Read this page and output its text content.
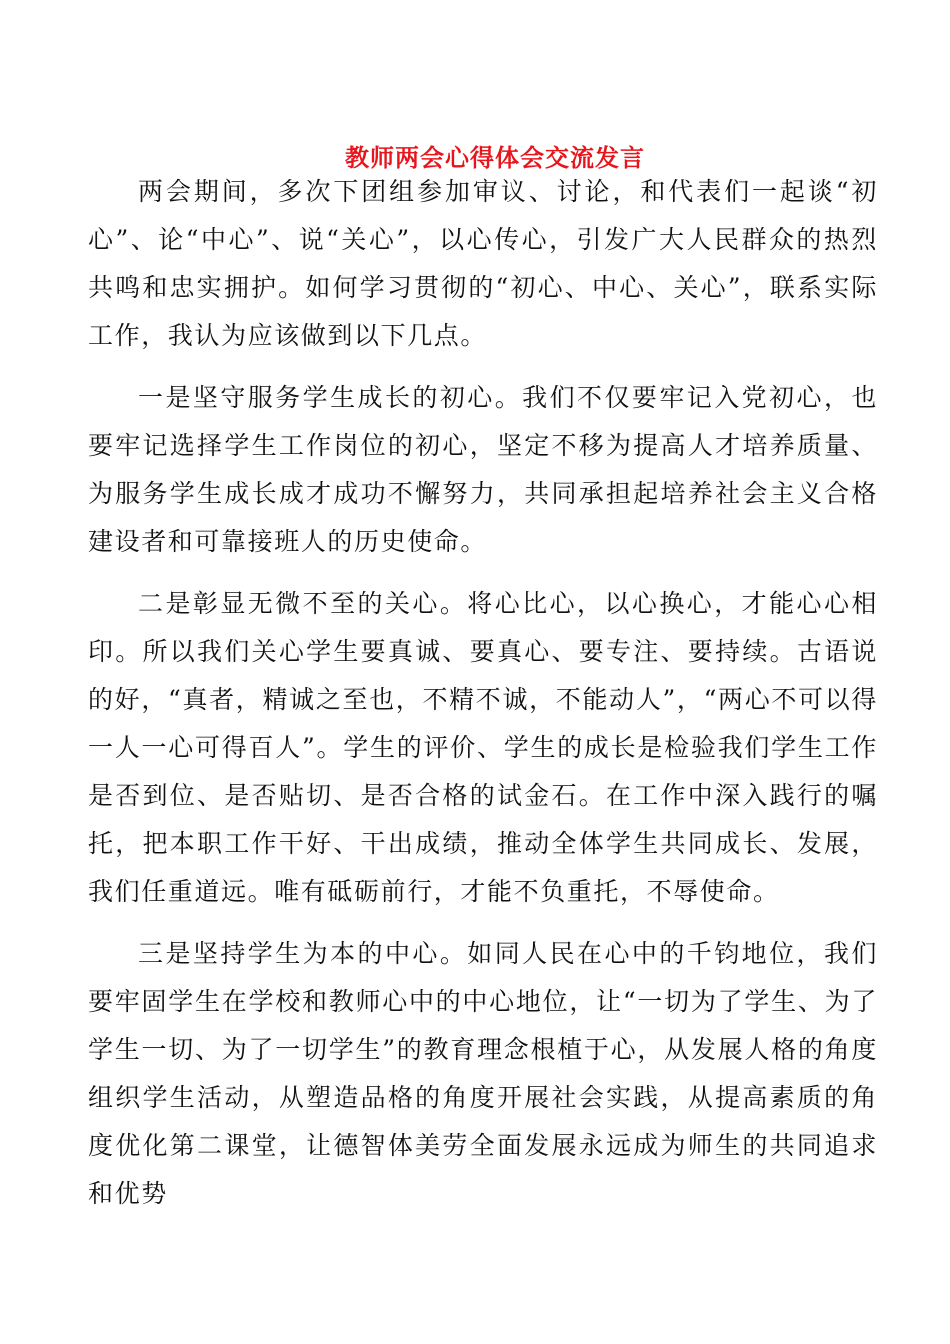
教师两会心得体会交流发言

两会期间，多次下团组参加审议、讨论，和代表们一起谈“初心”、论“中心”、说“关心”，以心传心，引发广大人民群众的热烈共鸣和忠实拥护。如何学习贯彻的“初心、中心、关心”，联系实际工作，我认为应该做到以下几点。

一是坚守服务学生成长的初心。我们不仅要牢记入党初心，也要牢记选择学生工作岗位的初心，坚定不移为提高人才培养质量、为服务学生成长成才成功不懈努力，共同承担起培养社会主义合格建设者和可靠接班人的历史使命。

二是彰显无微不至的关心。将心比心，以心换心，才能心心相印。所以我们关心学生要真诚、要真心、要专注、要持续。古语说的好，“真者，精诚之至也，不精不诚，不能动人”，“两心不可以得一人一心可得百人”。学生的评价、学生的成长是检验我们学生工作是否到位、是否贴切、是否合格的试金石。在工作中深入践行的嘱托，把本职工作干好、干出成绩，推动全体学生共同成长、发展，我们任重道远。唯有砥砺前行，才能不负重托，不辱使命。

三是坚持学生为本的中心。如同人民在心中的千钧地位，我们要牢固学生在学校和教师心中的中心地位，让“一切为了学生、为了学生一切、为了一切学生”的教育理念根植于心，从发展人格的角度组织学生活动，从塑造品格的角度开展社会实践，从提高素质的角度优化第二课堂，让德智体美劳全面发展永远成为师生的共同追求和优势
